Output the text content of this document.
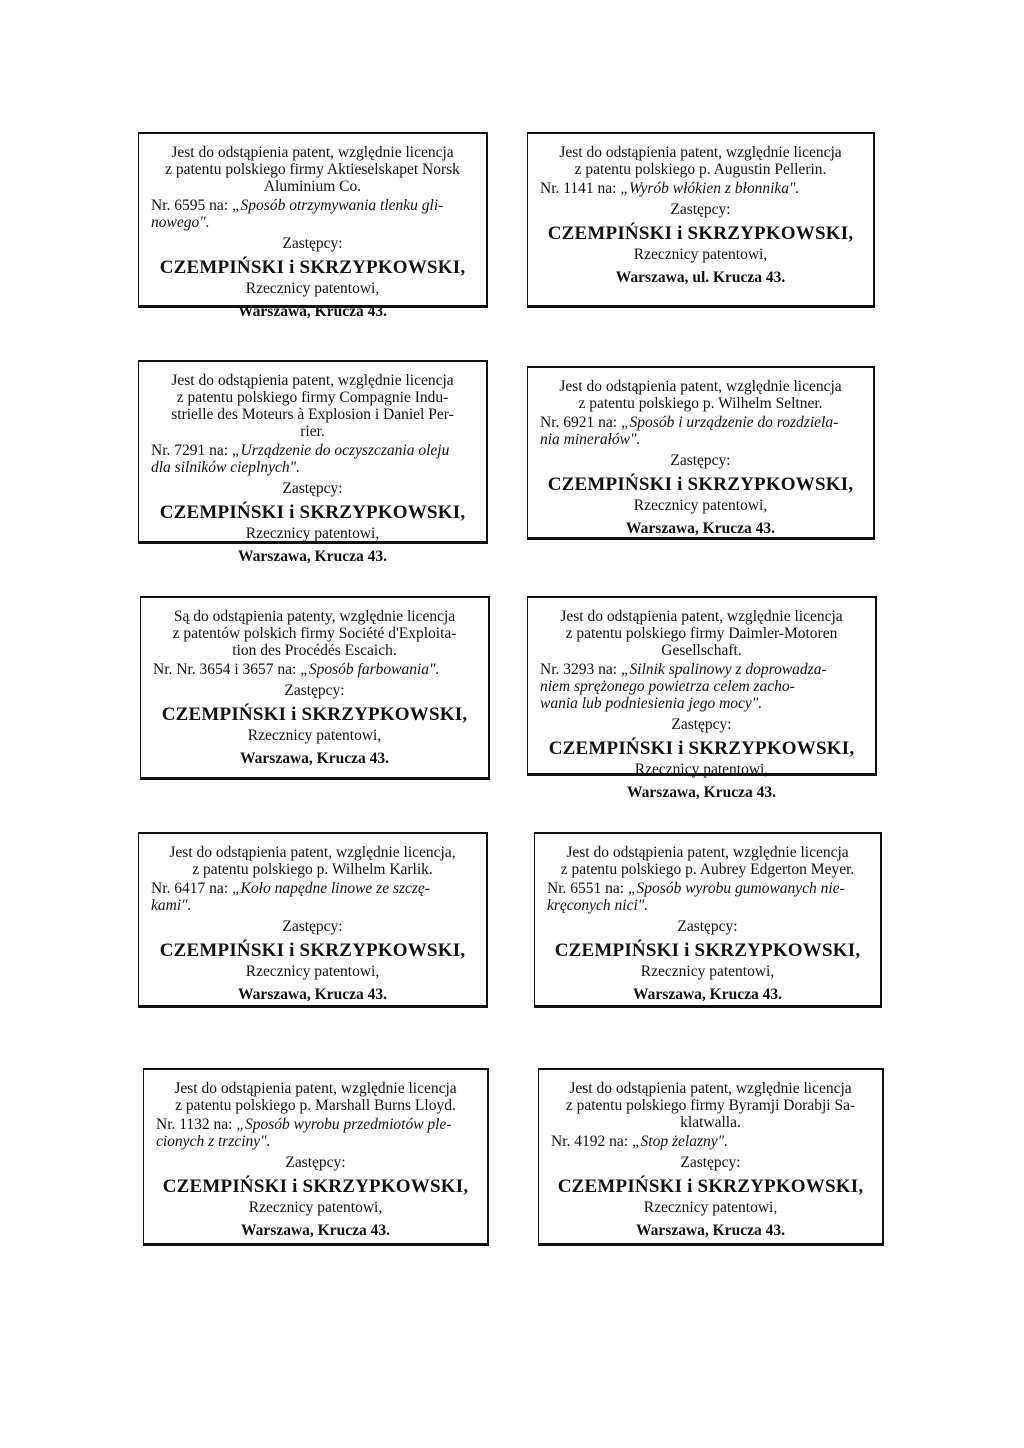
Jest do odstąpienia patent, względnie licencja
z patentu polskiego firmy Aktieselskapet Norsk
Aluminium Co.
Nr. 6595 na: „Sposób otrzymywania tlenku gli-
nowego".
Zastępcy:
CZEMPIŃSKI i SKRZYPKOWSKI,
Rzecznicy patentowi,
Warszawa, Krucza 43.
Jest do odstąpienia patent, względnie licencja
z patentu polskiego p. Augustin Pellerin.
Nr. 1141 na: „Wyrób włókien z błonnika".
Zastępcy:
CZEMPIŃSKI i SKRZYPKOWSKI,
Rzecznicy patentowi,
Warszawa, ul. Krucza 43.
Jest do odstąpienia patent, względnie licencja
z patentu polskiego firmy Compagnie Indu-
strielle des Moteurs à Explosion i Daniel Per-
rier.
Nr. 7291 na: „Urządzenie do oczyszczania oleju
dla silników cieplnych".
Zastępcy:
CZEMPIŃSKI i SKRZYPKOWSKI,
Rzecznicy patentowi,
Warszawa, Krucza 43.
Jest do odstąpienia patent, względnie licencja
z patentu polskiego p. Wilhelm Seltner.
Nr. 6921 na: „Sposób i urządzenie do rozdziela-
nia minerałów".
Zastępcy:
CZEMPIŃSKI i SKRZYPKOWSKI,
Rzecznicy patentowi,
Warszawa, Krucza 43.
Są do odstąpienia patenty, względnie licencja
z patentów polskich firmy Société d'Exploita-
tion des Procédés Escaich.
Nr. Nr. 3654 i 3657 na: „Sposób farbowania".
Zastępcy:
CZEMPIŃSKI i SKRZYPKOWSKI,
Rzecznicy patentowi,
Warszawa, Krucza 43.
Jest do odstąpienia patent, względnie licencja
z patentu polskiego firmy Daimler-Motoren
Gesellschaft.
Nr. 3293 na: „Silnik spalinowy z doprowadza-
niem sprężonego powietrza celem zacho-
wania lub podniesienia jego mocy".
Zastępcy:
CZEMPIŃSKI i SKRZYPKOWSKI,
Rzecznicy patentowi,
Warszawa, Krucza 43.
Jest do odstąpienia patent, względnie licencja,
z patentu polskiego p. Wilhelm Karlik.
Nr. 6417 na: „Koło napędne linowe ze szczę-
kami".
Zastępcy:
CZEMPIŃSKI i SKRZYPKOWSKI,
Rzecznicy patentowi,
Warszawa, Krucza 43.
Jest do odstąpienia patent, względnie licencja
z patentu polskiego p. Aubrey Edgerton Meyer.
Nr. 6551 na: „Sposób wyrobu gumowanych nie-
kręconych nici".
Zastępcy:
CZEMPIŃSKI i SKRZYPKOWSKI,
Rzecznicy patentowi,
Warszawa, Krucza 43.
Jest do odstąpienia patent, względnie licencja
z patentu polskiego p. Marshall Burns Lloyd.
Nr. 1132 na: „Sposób wyrobu przedmiotów ple-
cionych z trzciny".
Zastępcy:
CZEMPIŃSKI i SKRZYPKOWSKI,
Rzecznicy patentowi,
Warszawa, Krucza 43.
Jest do odstąpienia patent, względnie licencja
z patentu polskiego firmy Byramji Dorabji Sa-
klatwalla.
Nr. 4192 na: „Stop żelazny".
Zastępcy:
CZEMPIŃSKI i SKRZYPKOWSKI,
Rzecznicy patentowi,
Warszawa, Krucza 43.
